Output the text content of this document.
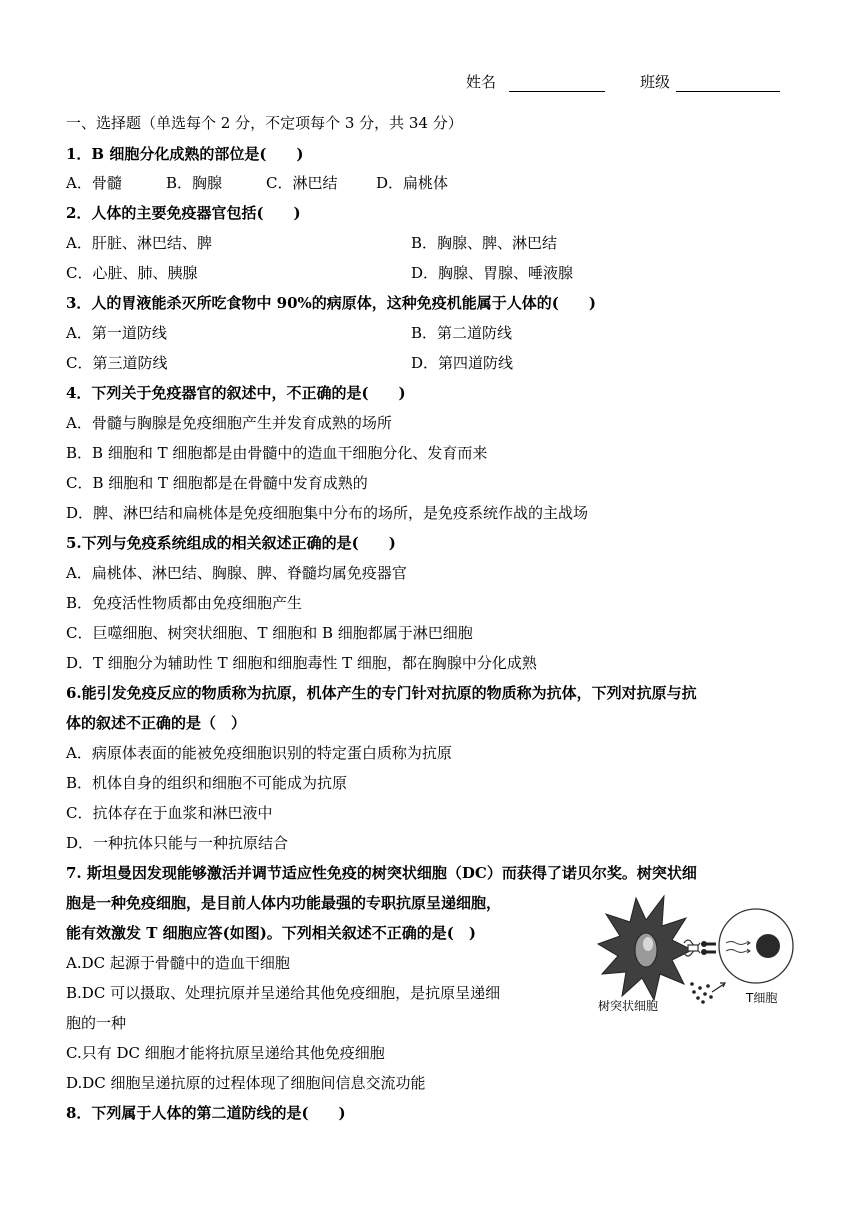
姓名	班级
一、选择题（单选每个 2 分，不定项每个 3 分，共 34 分）
1．B 细胞分化成熟的部位是(　　)
A．骨髓	B．胸腺	C．淋巴结	D．扁桃体
2．人体的主要免疫器官包括(　　)
A．肝脏、淋巴结、脾	B．胸腺、脾、淋巴结
C．心脏、肺、胰腺	D．胸腺、胃腺、唾液腺
3．人的胃液能杀灭所吃食物中 90%的病原体，这种免疫机能属于人体的(　　)
A．第一道防线	B．第二道防线
C．第三道防线	D．第四道防线
4．下列关于免疫器官的叙述中，不正确的是(　　)
A．骨髓与胸腺是免疫细胞产生并发育成熟的场所
B．B 细胞和 T 细胞都是由骨髓中的造血干细胞分化、发育而来
C．B 细胞和 T 细胞都是在骨髓中发育成熟的
D．脾、淋巴结和扁桃体是免疫细胞集中分布的场所，是免疫系统作战的主战场
5.下列与免疫系统组成的相关叙述正确的是(　　)
A．扁桃体、淋巴结、胸腺、脾、脊髓均属免疫器官
B．免疫活性物质都由免疫细胞产生
C．巨噬细胞、树突状细胞、T 细胞和 B 细胞都属于淋巴细胞
D．T 细胞分为辅助性 T 细胞和细胞毒性 T 细胞，都在胸腺中分化成熟
6.能引发免疫反应的物质称为抗原，机体产生的专门针对抗原的物质称为抗体，下列对抗原与抗
体的叙述不正确的是（　）
A．病原体表面的能被免疫细胞识别的特定蛋白质称为抗原
B．机体自身的组织和细胞不可能成为抗原
C．抗体存在于血浆和淋巴液中
D．一种抗体只能与一种抗原结合
7. 斯坦曼因发现能够激活并调节适应性免疫的树突状细胞（DC）而获得了诺贝尔奖。树突状细
胞是一种免疫细胞，是目前人体内功能最强的专职抗原呈递细胞，
能有效激发 T 细胞应答(如图)。下列相关叙述不正确的是(　)
A.DC 起源于骨髓中的造血干细胞
B.DC 可以摄取、处理抗原并呈递给其他免疫细胞，是抗原呈递细
胞的一种
C.只有 DC 细胞才能将抗原呈递给其他免疫细胞
D.DC 细胞呈递抗原的过程体现了细胞间信息交流功能
树突状细胞
T细胞
8．下列属于人体的第二道防线的是(　　)
